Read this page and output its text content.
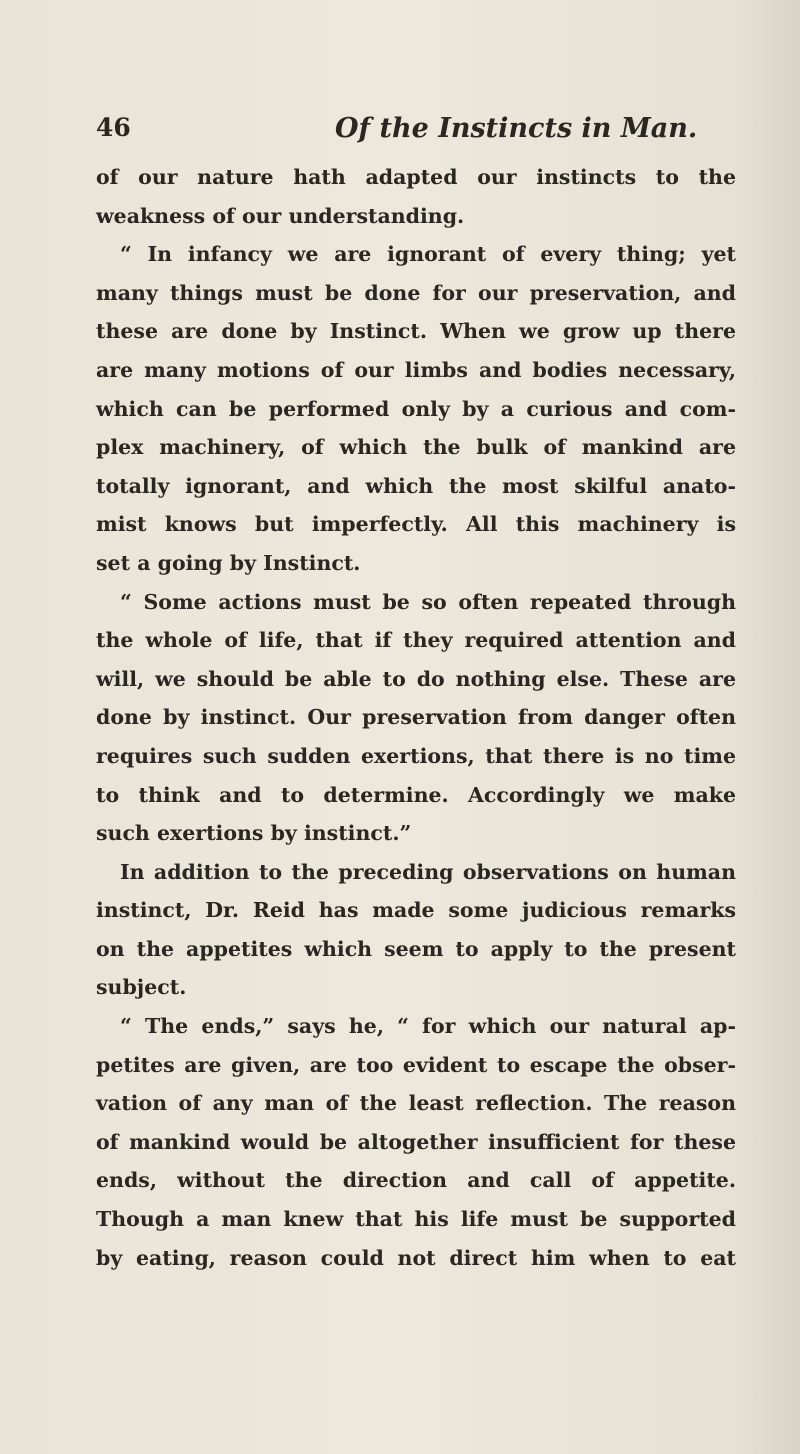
46	Of the Instincts in Man.
of our nature hath adapted our instincts to the
weakness of our understanding.
“ In infancy we are ignorant of every thing; yet
many things must be done for our preservation, and
these are done by Instinct. When we grow up there
are many motions of our limbs and bodies necessary,
which can be performed only by a curious and com-
plex machinery, of which the bulk of mankind are
totally ignorant, and which the most skilful anato-
mist knows but imperfectly. All this machinery is
set a going by Instinct.
“ Some actions must be so often repeated through
the whole of life, that if they required attention and
will, we should be able to do nothing else. These are
done by instinct. Our preservation from danger often
requires such sudden exertions, that there is no time
to think and to determine. Accordingly we make
such exertions by instinct.”
In addition to the preceding observations on human
instinct, Dr. Reid has made some judicious remarks
on the appetites which seem to apply to the present
subject.
“ The ends,” says he, “ for which our natural ap-
petites are given, are too evident to escape the obser-
vation of any man of the least reflection. The reason
of mankind would be altogether insufficient for these
ends, without the direction and call of appetite.
Though a man knew that his life must be supported
by eating, reason could not direct him when to eat
